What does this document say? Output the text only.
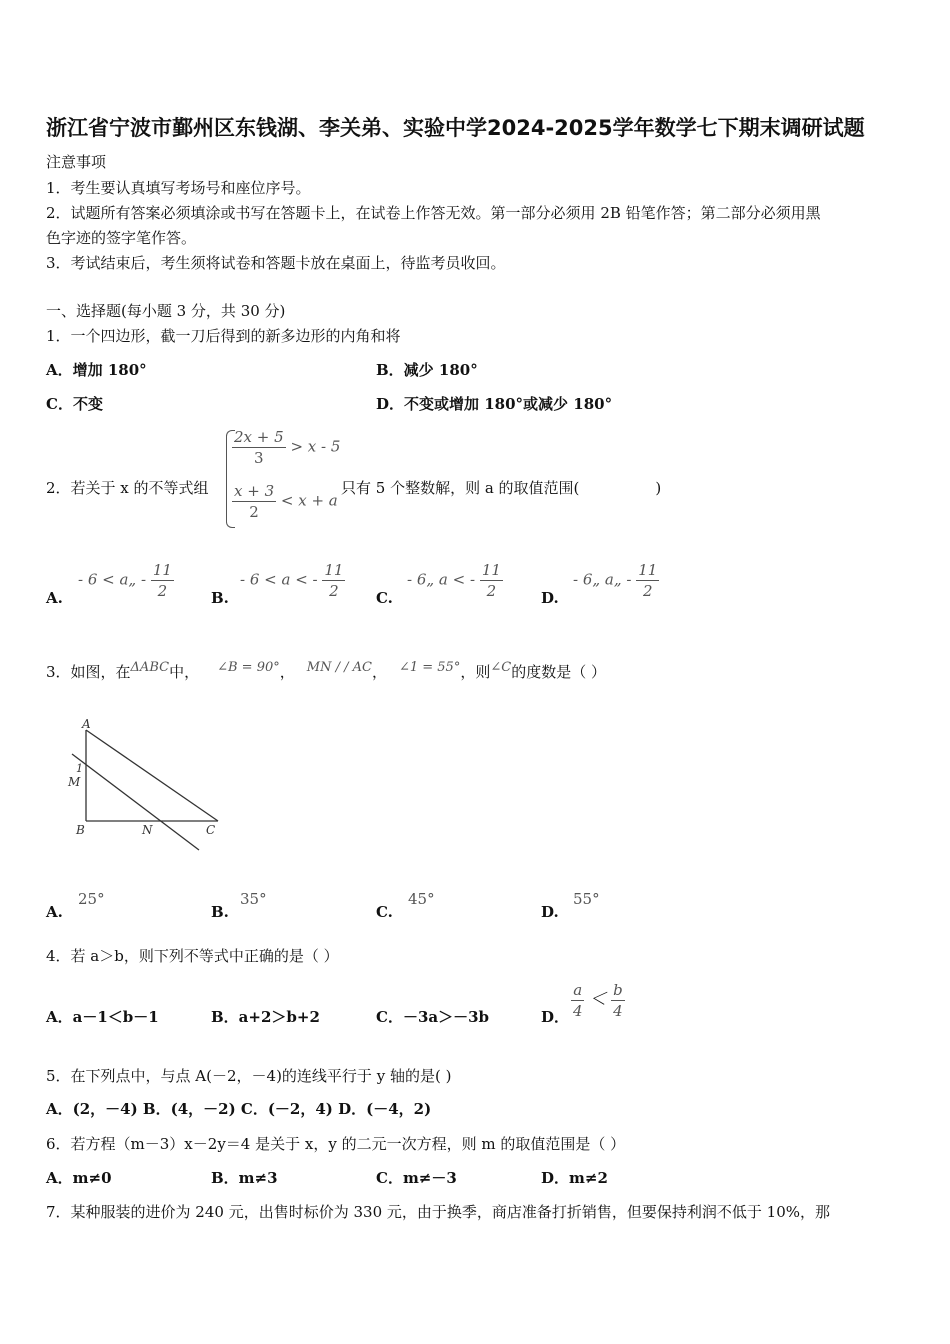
浙江省宁波市鄞州区东钱湖、李关弟、实验中学2024-2025学年数学七下期末调研试题
注意事项
1．考生要认真填写考场号和座位序号。
2．试题所有答案必须填涂或书写在答题卡上，在试卷上作答无效。第一部分必须用 2B 铅笔作答；第二部分必须用黑
色字迹的签字笔作答。
3．考试结束后，考生须将试卷和答题卡放在桌面上，待监考员收回。
一、选择题(每小题 3 分，共 30 分)
1．一个四边形，截一刀后得到的新多边形的内角和将
A．增加 180°	B．减少 180°
C．不变	D．不变或增加 180°或减少 180°
2．若关于 x 的不等式组
$\frac{2x + 5}{3} > x - 5$
$\frac{x + 3}{2} < x + a$
只有 5 个整数解，则 a 的取值范围(	)
A.
- 6 < a„ - $\frac{11}{2} B$.
- 6 < a < - $\frac{11}{2} C$.
- 6„ a < - $\frac{11}{2}$	D.
- 6„ a„ - $\frac{11}{2}$
3．如图，在$^{\Delta ABC}$中， $^{\angle B = 90^\circ}$， $^{MN / / AC}$， $^{\angle 1 = 55^\circ}$，则$^{\angle C}$的度数是（ ）
A
1
M
B	N	C
A.
25°
B.
35°
C.
45°
D.
55°
4．若 a＞b，则下列不等式中正确的是（ ）
A．a－1＜b－1	B．a+2＞b+2	C．－3a＞－3b	D． $\frac{a}{4} < \frac{b}{4}$
5．在下列点中，与点 A(－2，－4)的连线平行于 y 轴的是( )
A．(2，－4) B．(4，－2) C．(－2，4) D．(－4，2)
6．若方程（m－3）x－2y＝4 是关于 x，y 的二元一次方程，则 m 的取值范围是（ ）
A．m≠0	B．m≠3	C．m≠－3	D．m≠2
7．某种服装的进价为 240 元，出售时标价为 330 元，由于换季，商店准备打折销售，但要保持利润不低于 10%，那
